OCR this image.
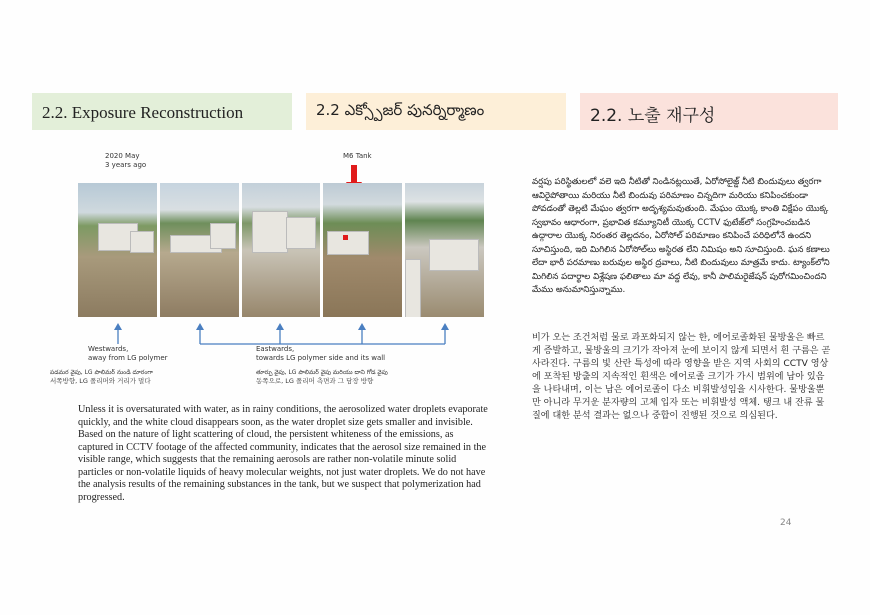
2.2. Exposure Reconstruction	2.2 ఎక్స్పోజర్ పునర్నిర్మాణం	2.2. 노출 재구성
2020 May
3 years ago
M6 Tank
Westwards,
away from LG polymer
Eastwards,
towards LG polymer side and its wall
పడమర వైపు, LG పాలిమర్ నుండి దూరంగా
서쪽방향, LG 폴리머와 거리가 멀다
తూర్పు వైపు, LG పాలిమర్ వైపు మరియు దాని గోడ వైపు
동쪽으로, LG 폴리머 측면과 그 담장 방향
Unless it is oversaturated with water, as in rainy conditions, the aerosolized water droplets evaporate quickly, and the white cloud disappears soon, as the water droplet size gets smaller and invisible. Based on the nature of light scattering of cloud, the persistent whiteness of the emissions, as captured in CCTV footage of the affected community, indicates that the aerosol size remained in the visible range, which suggests that the remaining aerosols are rather non-volatile minute solid particles or non-volatile liquids of heavy molecular weights, not just water droplets. We do not have the analysis results of the remaining substances in the tank, but we suspect that polymerization had progressed.
వర్షపు పరిస్థితులలో వలె ఇది నీటితో నిండినట్లయితే, ఏరోసోలైజ్డ్ నీటి బిందువులు త్వరగా ఆవిరైపోతాయి మరియు నీటి బిందువు పరిమాణం చిన్నదిగా మరియు కనిపించకుండా పోవడంతో తెల్లటి మేఘం త్వరగా అదృశ్యమవుతుంది. మేఘం యొక్క కాంతి విక్షేపం యొక్క స్వభావం ఆధారంగా, ప్రభావిత కమ్యూనిటీ యొక్క CCTV ఫుటేజ్‌లో సంగ్రహించబడిన ఉద్గారాల యొక్క నిరంతర తెల్లదనం, ఏరోసోల్ పరిమాణం కనిపించే పరిధిలోనే ఉందని సూచిస్తుంది, ఇది మిగిలిన ఏరోసోల్‌లు అస్థిరత లేని నిమిషం అని సూచిస్తుంది. ఘన కణాలు లేదా భారీ పరమాణు బరువుల అస్థిర ద్రవాలు, నీటి బిందువులు మాత్రమే కాదు. ట్యాంక్‌లోని మిగిలిన పదార్థాల విశ్లేషణ ఫలితాలు మా వద్ద లేవు, కానీ పాలిమరైజేషన్ పురోగమించిందని మేము అనుమానిస్తున్నాము.
비가 오는 조건처럼 물로 과포화되지 않는 한, 에어로졸화된 물방울은 빠르게 증발하고, 물방울의 크기가 작아져 눈에 보이지 않게 되면서 흰 구름은 곧 사라진다. 구름의 빛 산란 특성에 따라 영향을 받은 지역 사회의 CCTV 영상에 포착된 방출의 지속적인 흰색은 에어로졸 크기가 가시 범위에 남아 있음을 나타내며, 이는 남은 에어로졸이 다소 비휘발성임을 시사한다. 물방울뿐만 아니라 무거운 분자량의 고체 입자 또는 비휘발성 액체. 탱크 내 잔류 물질에 대한 분석 결과는 없으나 중합이 진행된 것으로 의심된다.
24
